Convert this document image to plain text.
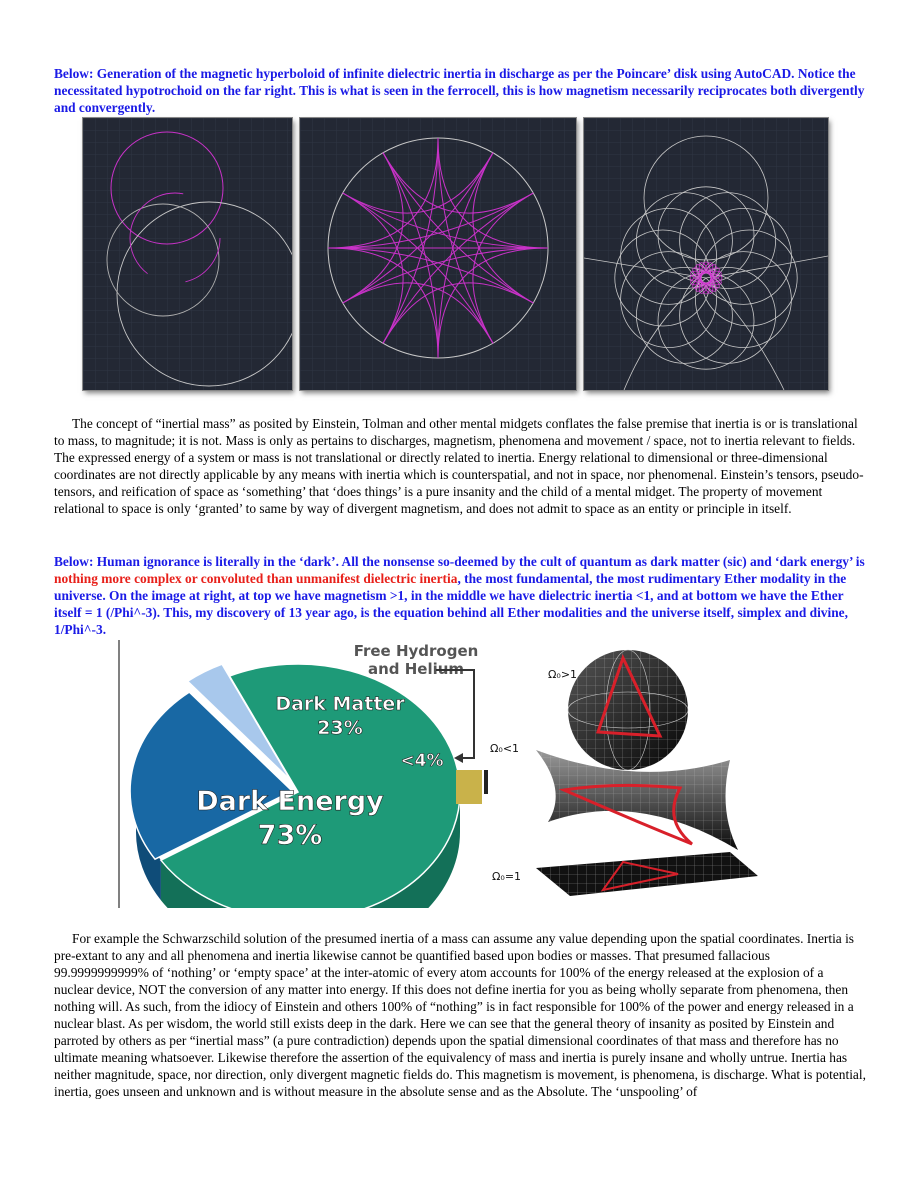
Below: Generation of the magnetic hyperboloid of infinite dielectric inertia in discharge as per the Poincare’ disk using AutoCAD. Notice the necessitated hypotrochoid on the far right. This is what is seen in the ferrocell, this is how magnetism necessarily reciprocates both divergently and convergently.
The concept of “inertial mass” as posited by Einstein, Tolman and other mental midgets conflates the false premise that inertia is or is translational to mass, to magnitude; it is not. Mass is only as pertains to discharges, magnetism, phenomena and movement / space, not to inertia relevant to fields. The expressed energy of a system or mass is not translational or directly related to inertia. Energy relational to dimensional or three-dimensional coordinates are not directly applicable by any means with inertia which is counterspatial, and not in space, nor phenomenal. Einstein’s tensors, pseudo-tensors, and reification of space as ‘something’ that ‘does things’ is a pure insanity and the child of a mental midget. The property of movement relational to space is only ‘granted’ to same by way of divergent magnetism, and does not admit to space as an entity or principle in itself.
Below: Human ignorance is literally in the ‘dark’. All the nonsense so-deemed by the cult of quantum as dark matter (sic) and ‘dark energy’ is nothing more complex or convoluted than unmanifest dielectric inertia, the most fundamental, the most rudimentary Ether modality in the universe. On the image at right, at top we have magnetism >1, in the middle we have dielectric inertia <1, and at bottom we have the Ether itself = 1 (/Phi^-3). This, my discovery of 13 year ago, is the equation behind all Ether modalities and the universe itself, simplex and divine, 1/Phi^-3.
Dark Matter
23%
<4%
Dark Energy
73%
Free Hydrogen
and Helium	Ω₀>1
Ω₀<1
Ω₀=1
For example the Schwarzschild solution of the presumed inertia of a mass can assume any value depending upon the spatial coordinates. Inertia is pre-extant to any and all phenomena and inertia likewise cannot be quantified based upon bodies or masses. That presumed fallacious 99.9999999999% of ‘nothing’ or ‘empty space’ at the inter-atomic of every atom accounts for 100% of the energy released at the explosion of a nuclear device, NOT the conversion of any matter into energy. If this does not define inertia for you as being wholly separate from phenomena, then nothing will. As such, from the idiocy of Einstein and others 100% of “nothing” is in fact responsible for 100% of the power and energy released in a nuclear blast. As per wisdom, the world still exists deep in the dark. Here we can see that the general theory of insanity as posited by Einstein and parroted by others as per “inertial mass” (a pure contradiction) depends upon the spatial dimensional coordinates of that mass and therefore has no ultimate meaning whatsoever. Likewise therefore the assertion of the equivalency of mass and inertia is purely insane and wholly untrue. Inertia has neither magnitude, space, nor direction, only divergent magnetic fields do. This magnetism is movement, is phenomena, is discharge. What is potential, inertia, goes unseen and unknown and is without measure in the absolute sense and as the Absolute. The ‘unspooling’ of
